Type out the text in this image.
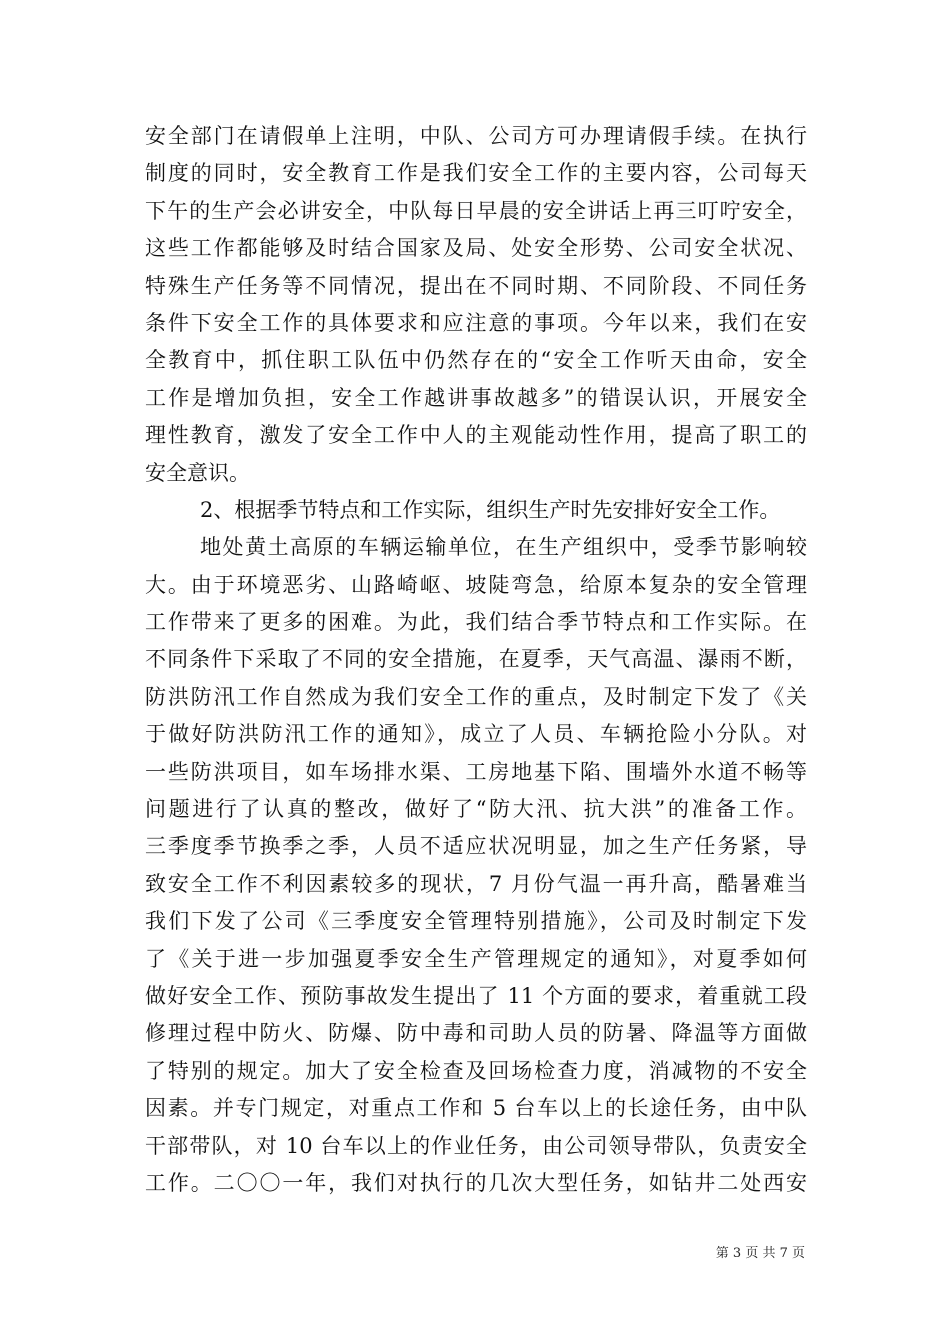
安全部门在请假单上注明，中队、公司方可办理请假手续。在执行
制度的同时，安全教育工作是我们安全工作的主要内容，公司每天
下午的生产会必讲安全，中队每日早晨的安全讲话上再三叮咛安全，
这些工作都能够及时结合国家及局、处安全形势、公司安全状况、
特殊生产任务等不同情况，提出在不同时期、不同阶段、不同任务
条件下安全工作的具体要求和应注意的事项。今年以来，我们在安
全教育中，抓住职工队伍中仍然存在的“安全工作听天由命，安全
工作是增加负担，安全工作越讲事故越多”的错误认识，开展安全
理性教育，激发了安全工作中人的主观能动性作用，提高了职工的
安全意识。
2、根据季节特点和工作实际，组织生产时先安排好安全工作。
地处黄土高原的车辆运输单位，在生产组织中，受季节影响较
大。由于环境恶劣、山路崎岖、坡陡弯急，给原本复杂的安全管理
工作带来了更多的困难。为此，我们结合季节特点和工作实际。在
不同条件下采取了不同的安全措施，在夏季，天气高温、瀑雨不断，
防洪防汛工作自然成为我们安全工作的重点，及时制定下发了《关
于做好防洪防汛工作的通知》，成立了人员、车辆抢险小分队。对
一些防洪项目，如车场排水渠、工房地基下陷、围墙外水道不畅等
问题进行了认真的整改，做好了“防大汛、抗大洪”的准备工作。
三季度季节换季之季，人员不适应状况明显，加之生产任务紧，导
致安全工作不利因素较多的现状，7 月份气温一再升高，酷暑难当
我们下发了公司《三季度安全管理特别措施》，公司及时制定下发
了《关于进一步加强夏季安全生产管理规定的通知》，对夏季如何
做好安全工作、预防事故发生提出了 11 个方面的要求，着重就工段
修理过程中防火、防爆、防中毒和司助人员的防暑、降温等方面做
了特别的规定。加大了安全检查及回场检查力度，消减物的不安全
因素。并专门规定，对重点工作和 5 台车以上的长途任务，由中队
干部带队，对 10 台车以上的作业任务，由公司领导带队，负责安全
工作。二〇〇一年，我们对执行的几次大型任务，如钻井二处西安
第 3 页 共 7 页
